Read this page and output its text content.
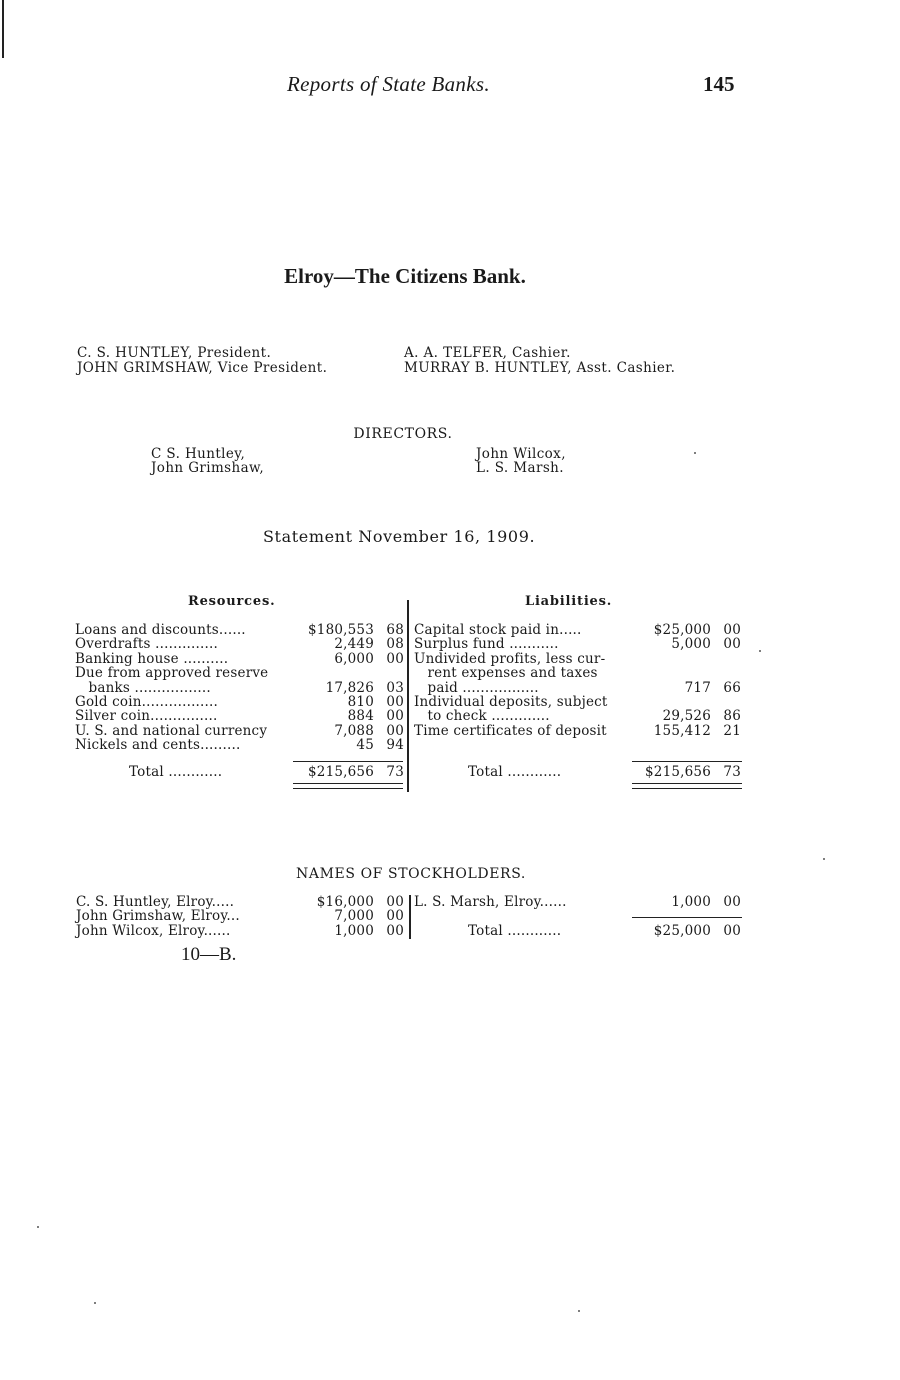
Reports of State Banks.	145
Elroy—The Citizens Bank.
C. S. HUNTLEY, President.
JOHN GRIMSHAW, Vice President.
A. A. TELFER, Cashier.
MURRAY B. HUNTLEY, Asst. Cashier.
DIRECTORS.
C S. Huntley,
John Grimshaw,
John Wilcox,
L. S. Marsh.
Statement November 16, 1909.
Resources.	Liabilities.
Loans and discounts......	$180,553 68
Overdrafts ..............	2,449 08
Banking house ..........	6,000 00
Due from approved reserve
banks .................	17,826 03
Gold coin.................	810 00
Silver coin...............	884 00
U. S. and national currency	7,088 00
Nickels and cents.........	45 94
Total ............	$215,656 73
Capital stock paid in.....	$25,000 00
Surplus fund ...........	5,000 00
Undivided profits, less cur-
rent expenses and taxes
paid .................	717 66
Individual deposits, subject
to check .............	29,526 86
Time certificates of deposit	155,412 21
Total ............	$215,656 73
NAMES OF STOCKHOLDERS.
C. S. Huntley, Elroy.....	$16,000 00
John Grimshaw, Elroy...	7,000 00
John Wilcox, Elroy......	1,000 00
L. S. Marsh, Elroy......	1,000 00
Total ............	$25,000 00
10—B.
